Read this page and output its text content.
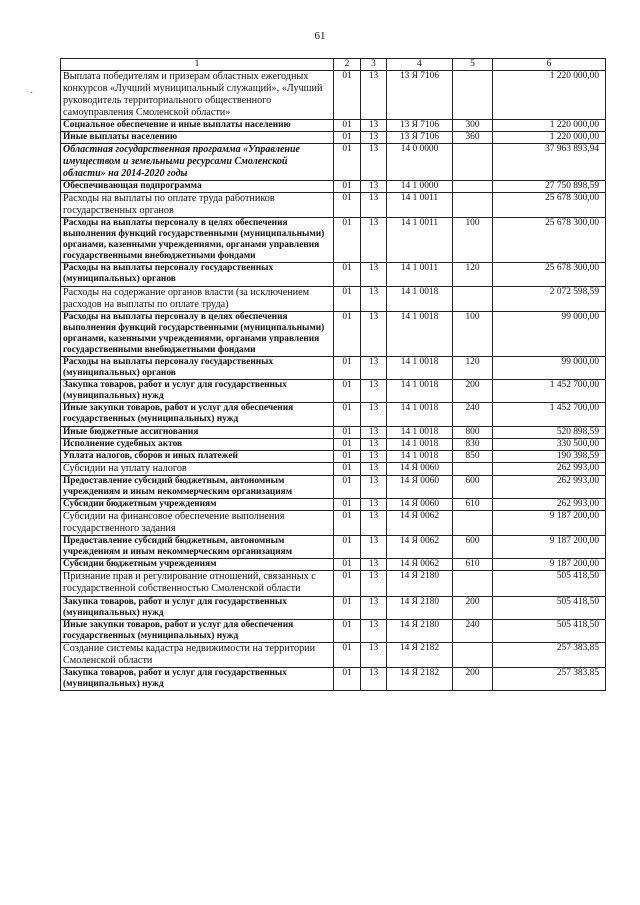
61
·
1	2	3	4	5	6
Выплата победителям и призерам областных ежегодных конкурсов «Лучший муниципальный служащий», «Лучший руководитель территориального общественного самоуправления Смоленской области»	01	13	13 Я 7106		1 220 000,00
Социальное обеспечение и иные выплаты населению	01	13	13 Я 7106	300	1 220 000,00
Иные выплаты населению	01	13	13 Я 7106	360	1 220 000,00
Областная государственная программа «Управление имуществом и земельными ресурсами Смоленской области» на 2014-2020 годы	01	13	14 0 0000		37 963 893,94
Обеспечивающая подпрограмма	01	13	14 1 0000		27 750 898,59
Расходы на выплаты по оплате труда работников государственных органов	01	13	14 1 0011		25 678 300,00
Расходы на выплаты персоналу в целях обеспечения выполнения функций государственными (муниципальными) органами, казенными учреждениями, органами управления государственными внебюджетными фондами	01	13	14 1 0011	100	25 678 300,00
Расходы на выплаты персоналу государственных (муниципальных) органов	01	13	14 1 0011	120	25 678 300,00
Расходы на содержание органов власти (за исключением расходов на выплаты по оплате труда)	01	13	14 1 0018		2 072 598,59
Расходы на выплаты персоналу в целях обеспечения выполнения функций государственными (муниципальными) органами, казенными учреждениями, органами управления государственными внебюджетными фондами	01	13	14 1 0018	100	99 000,00
Расходы на выплаты персоналу государственных (муниципальных) органов	01	13	14 1 0018	120	99 000,00
Закупка товаров, работ и услуг для государственных (муниципальных) нужд	01	13	14 1 0018	200	1 452 700,00
Иные закупки товаров, работ и услуг для обеспечения государственных (муниципальных) нужд	01	13	14 1 0018	240	1 452 700,00
Иные бюджетные ассигнования	01	13	14 1 0018	800	520 898,59
Исполнение судебных актов	01	13	14 1 0018	830	330 500,00
Уплата налогов, сборов и иных платежей	01	13	14 1 0018	850	190 398,59
Субсидии на уплату налогов	01	13	14 Я 0060		262 993,00
Предоставление субсидий бюджетным, автономным учреждениям и иным некоммерческим организациям	01	13	14 Я 0060	600	262 993,00
Субсидии бюджетным учреждениям	01	13	14 Я 0060	610	262 993,00
Субсидии на финансовое обеспечение выполнения государственного задания	01	13	14 Я 0062		9 187 200,00
Предоставление субсидий бюджетным, автономным учреждениям и иным некоммерческим организациям	01	13	14 Я 0062	600	9 187 200,00
Субсидии бюджетным учреждениям	01	13	14 Я 0062	610	9 187 200,00
Признание прав и регулирование отношений, связанных с государственной собственностью Смоленской области	01	13	14 Я 2180		505 418,50
Закупка товаров, работ и услуг для государственных (муниципальных) нужд	01	13	14 Я 2180	200	505 418,50
Иные закупки товаров, работ и услуг для обеспечения государственных (муниципальных) нужд	01	13	14 Я 2180	240	505 418,50
Создание системы кадастра недвижимости на территории Смоленской области	01	13	14 Я 2182		257 383,85
Закупка товаров, работ и услуг для государственных (муниципальных) нужд	01	13	14 Я 2182	200	257 383,85
